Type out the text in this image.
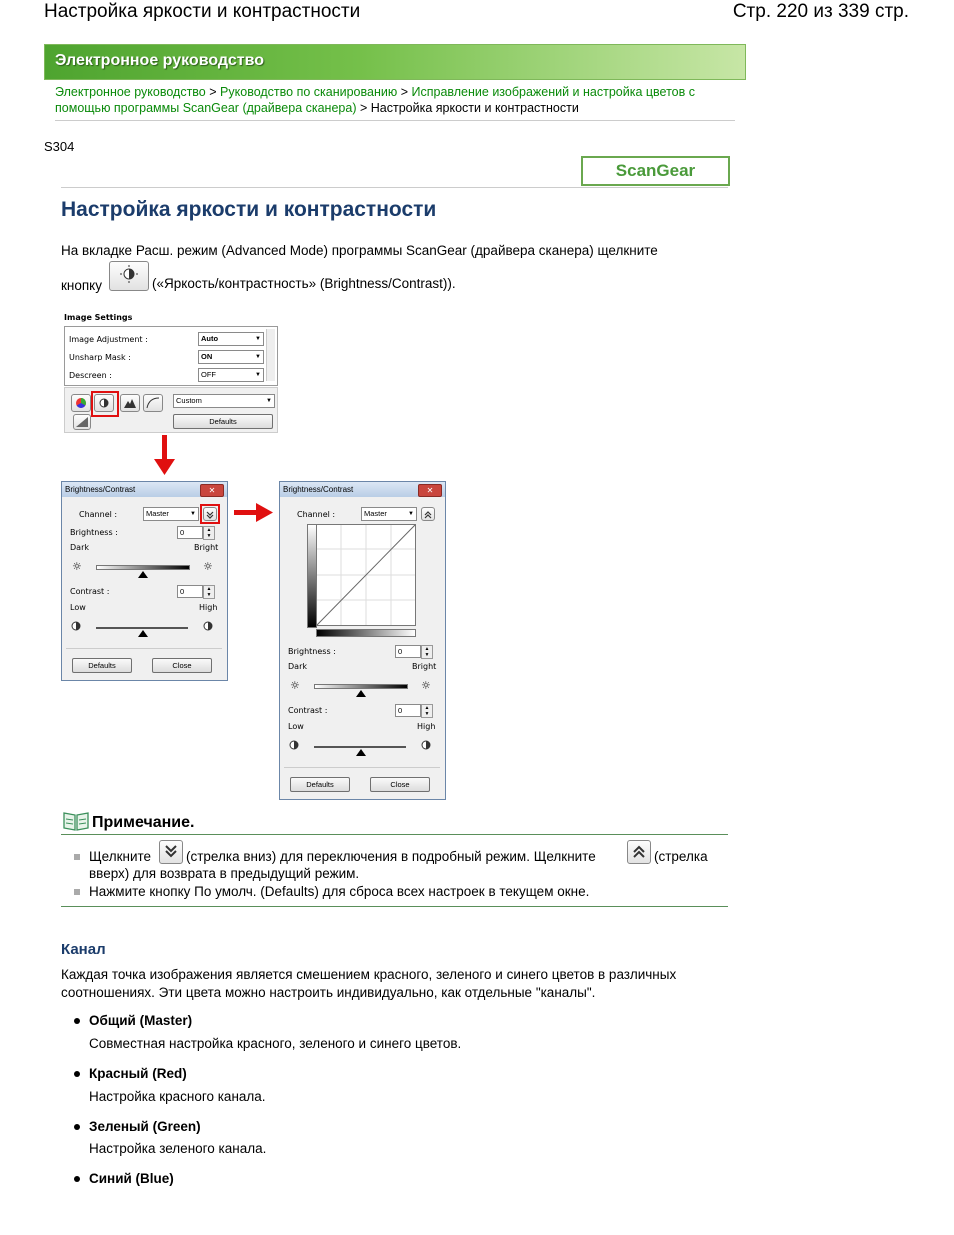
Настройка яркости и контрастности	Стр. 220 из 339 стр.
Электронное руководство
Электронное руководство > Руководство по сканированию > Исправление изображений и настройка цветов с
помощью программы ScanGear (драйвера сканера) > Настройка яркости и контрастности
S304
ScanGear
Настройка яркости и контрастности
На вкладке Расш. режим (Advanced Mode) программы ScanGear (драйвера сканера) щелкните
кнопку	(«Яркость/контрастность» (Brightness/Contrast)).
Image Settings
Image Adjustment :	Auto	▼
Unsharp Mask :	ON	▼
Descreen :	OFF	▼
Custom	▼
Defaults
Brightness/Contrast	✕
Channel :	Master	▼
Brightness :	0	▲
▼
Dark	Bright
☼	☼
Contrast :	0	▲
▼
Low	High
Defaults	Close
Brightness/Contrast	✕
Channel :	Master	▼
Brightness :	0	▲
▼
Dark	Bright
☼	☼
Contrast :	0	▲
▼
Low	High
Defaults	Close
Примечание.
Щелкните	(стрелка вниз) для переключения в подробный режим. Щелкните	(стрелка
вверх) для возврата в предыдущий режим.
Нажмите кнопку По умолч. (Defaults) для сброса всех настроек в текущем окне.
Канал
Каждая точка изображения является смешением красного, зеленого и синего цветов в различных
соотношениях. Эти цвета можно настроить индивидуально, как отдельные "каналы".
Общий (Master)
Совместная настройка красного, зеленого и синего цветов.
Красный (Red)
Настройка красного канала.
Зеленый (Green)
Настройка зеленого канала.
Синий (Blue)
